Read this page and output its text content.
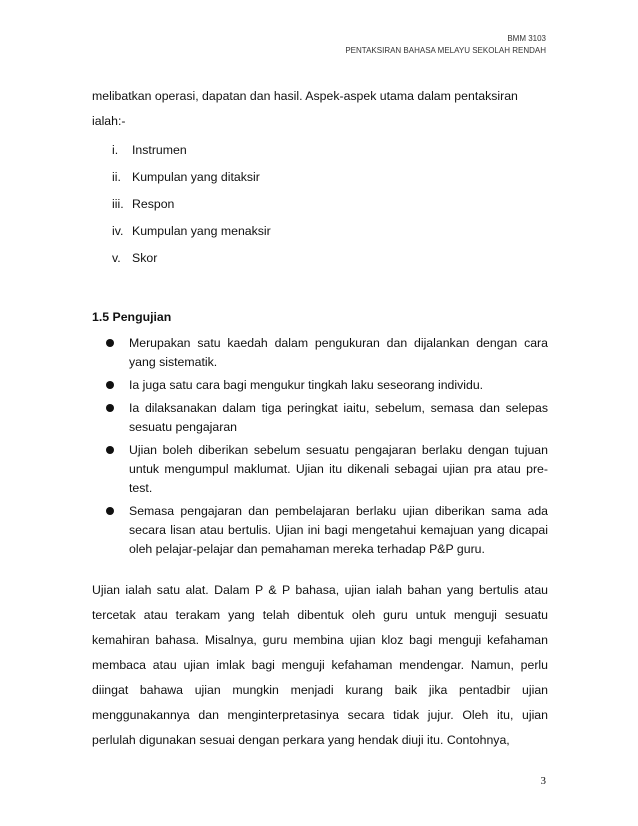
BMM 3103
PENTAKSIRAN BAHASA MELAYU SEKOLAH RENDAH

melibatkan operasi, dapatan dan hasil. Aspek-aspek utama dalam pentaksiran

ialah:-

i.	Instrumen
ii. Kumpulan yang ditaksir
iii. Respon
iv. Kumpulan yang menaksir
v. Skor
1.5 Pengujian
Merupakan satu kaedah dalam pengukuran dan dijalankan dengan cara yang sistematik.
Ia juga satu cara bagi mengukur tingkah laku seseorang individu.
Ia dilaksanakan dalam tiga peringkat iaitu, sebelum, semasa dan selepas sesuatu pengajaran
Ujian boleh diberikan sebelum sesuatu pengajaran berlaku dengan tujuan untuk mengumpul maklumat. Ujian itu dikenali sebagai ujian pra atau pre-test.
Semasa pengajaran dan pembelajaran berlaku ujian diberikan sama ada secara lisan atau bertulis. Ujian ini bagi mengetahui kemajuan yang dicapai oleh pelajar-pelajar dan pemahaman mereka terhadap P&P guru.

Ujian ialah satu alat. Dalam P & P bahasa, ujian ialah bahan yang bertulis atau tercetak atau terakam yang telah dibentuk oleh guru untuk menguji sesuatu kemahiran bahasa. Misalnya, guru membina ujian kloz bagi menguji kefahaman membaca atau ujian imlak bagi menguji kefahaman mendengar. Namun, perlu diingat bahawa ujian mungkin menjadi kurang baik jika pentadbir ujian menggunakannya dan menginterpretasinya secara tidak jujur. Oleh itu, ujian perlulah digunakan sesuai dengan perkara yang hendak diuji itu. Contohnya,

3
